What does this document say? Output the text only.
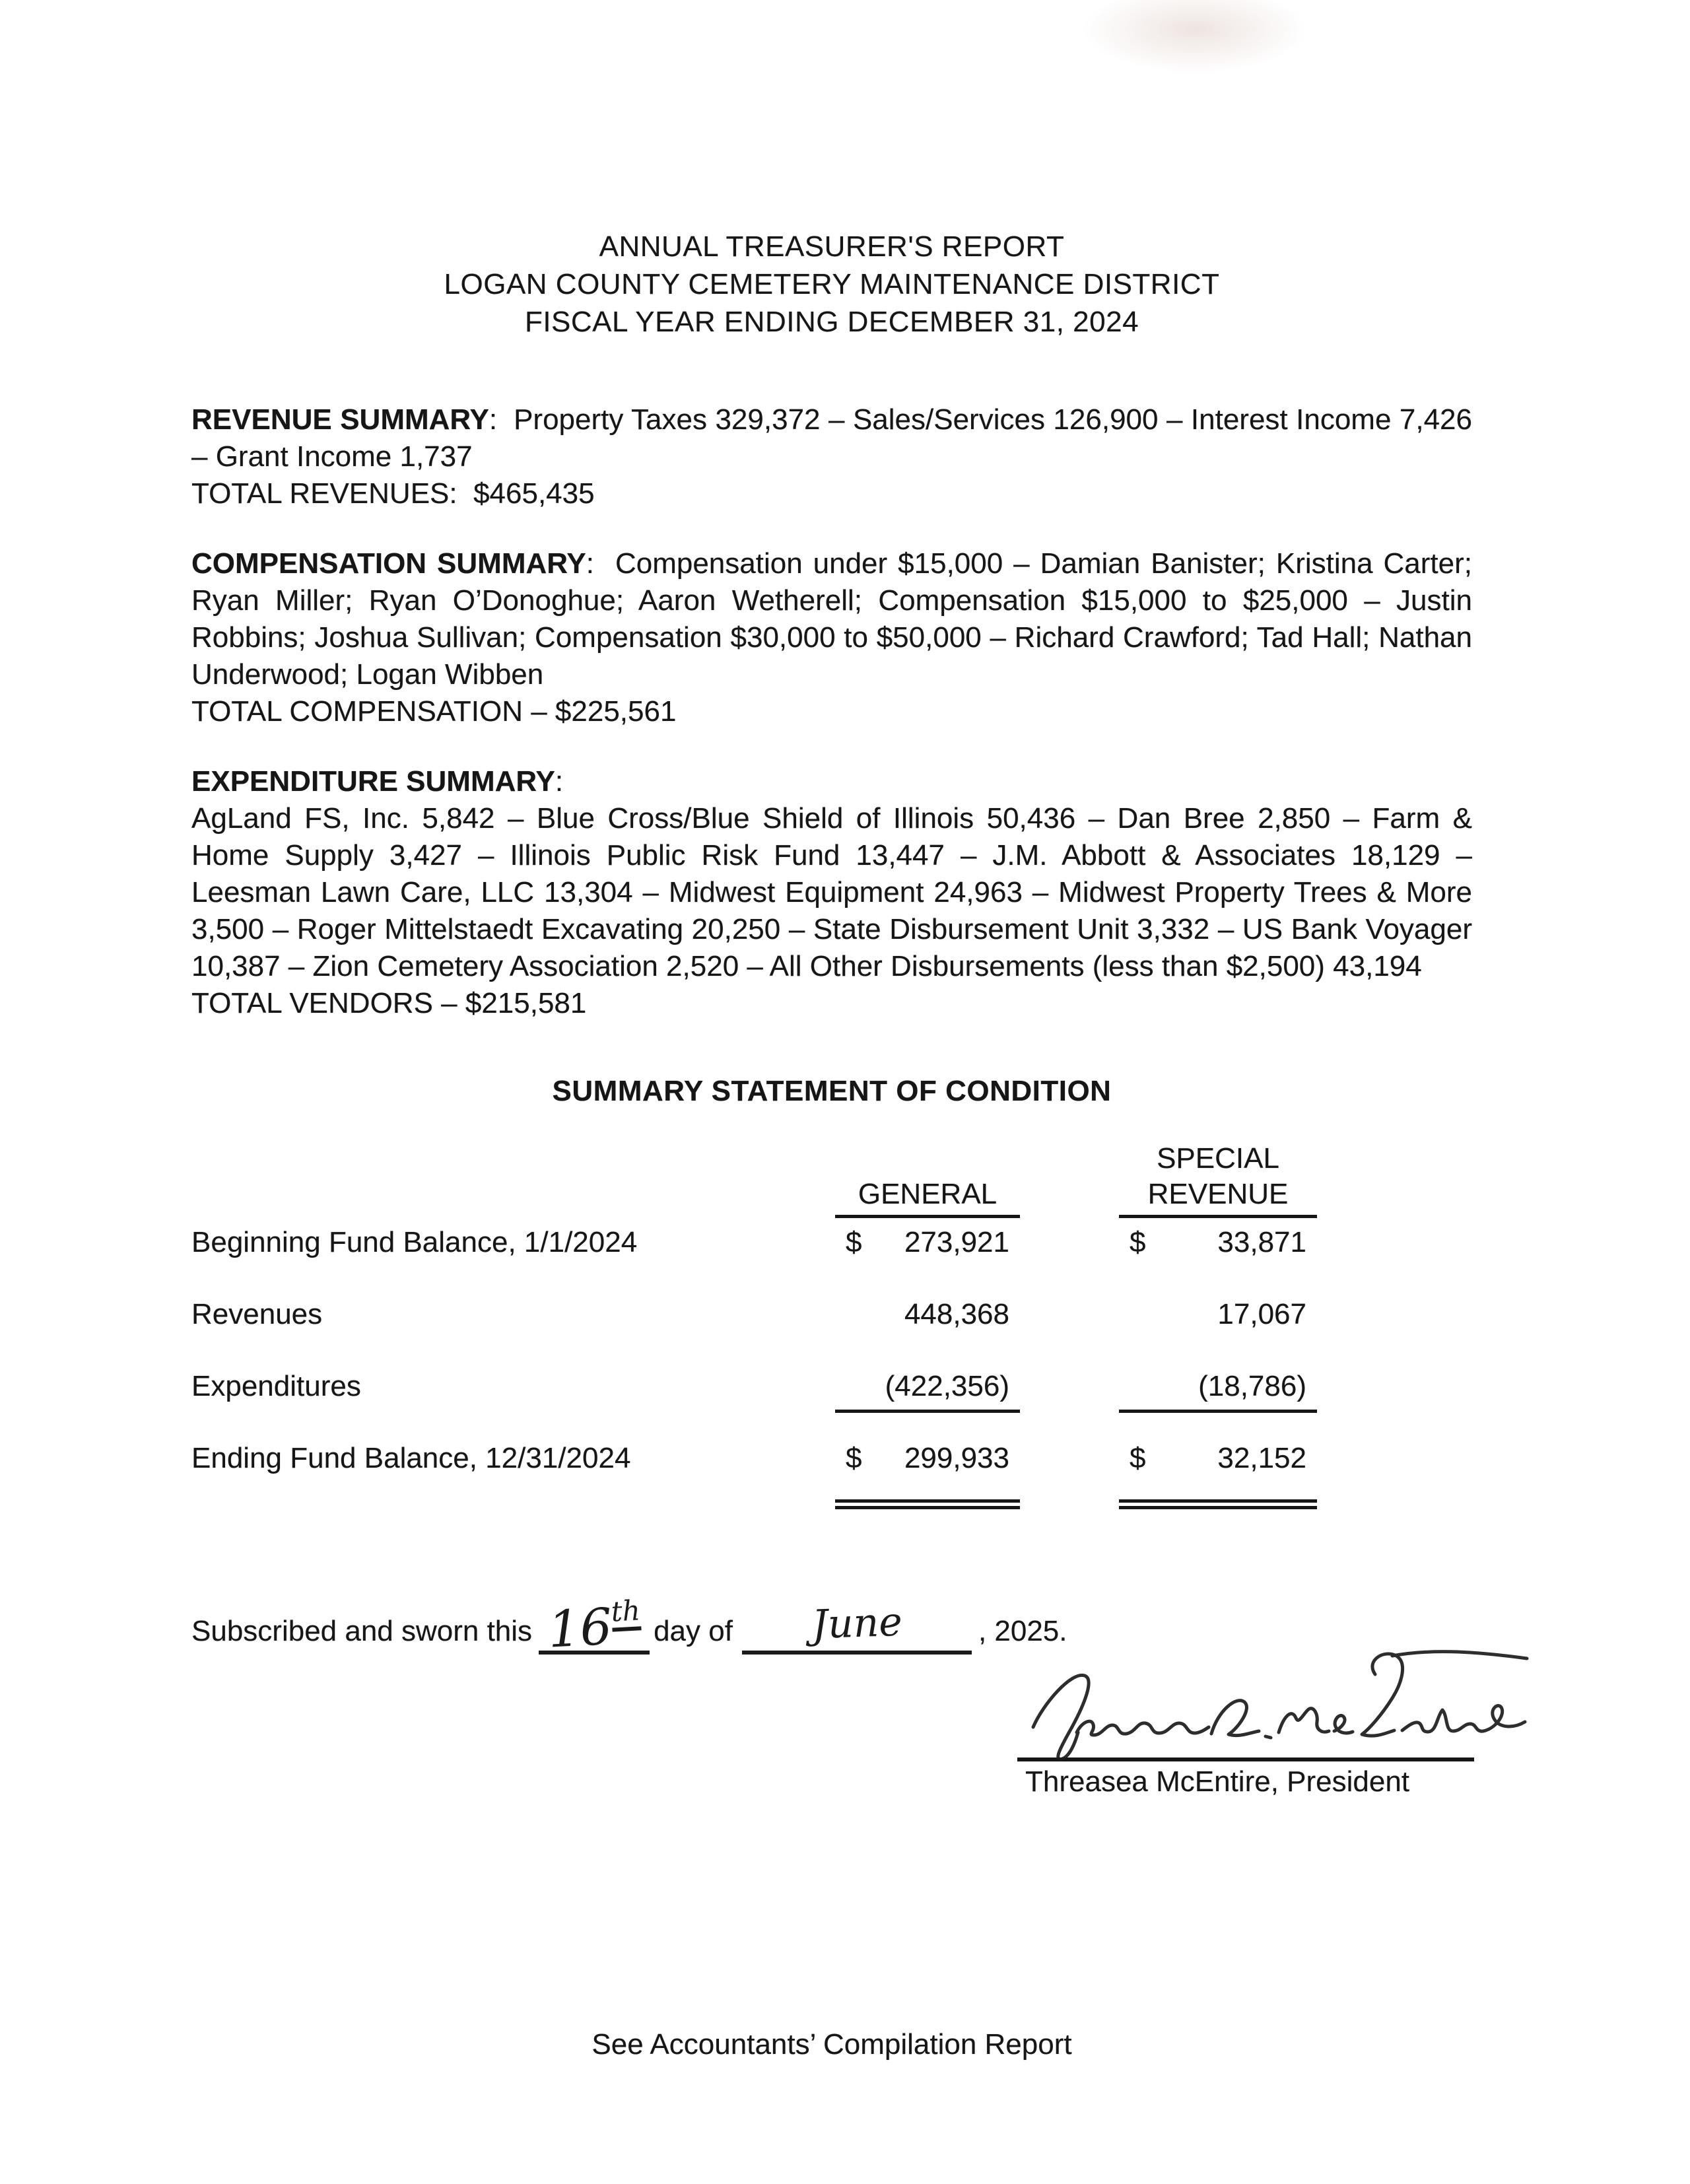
ANNUAL TREASURER'S REPORT
LOGAN COUNTY CEMETERY MAINTENANCE DISTRICT
FISCAL YEAR ENDING DECEMBER 31, 2024

REVENUE SUMMARY:  Property Taxes 329,372 – Sales/Services 126,900 – Interest Income 7,426 – Grant Income 1,737

TOTAL REVENUES:  $465,435

COMPENSATION SUMMARY:  Compensation under $15,000 – Damian Banister; Kristina Carter; Ryan Miller; Ryan O’Donoghue; Aaron Wetherell; Compensation $15,000 to $25,000 – Justin Robbins; Joshua Sullivan; Compensation $30,000 to $50,000 – Richard Crawford; Tad Hall; Nathan Underwood; Logan Wibben

TOTAL COMPENSATION – $225,561

EXPENDITURE SUMMARY:

AgLand FS, Inc. 5,842 – Blue Cross/Blue Shield of Illinois 50,436 – Dan Bree 2,850 – Farm & Home Supply 3,427 – Illinois Public Risk Fund 13,447 – J.M. Abbott & Associates 18,129 – Leesman Lawn Care, LLC 13,304 – Midwest Equipment 24,963 – Midwest Property Trees & More 3,500 – Roger Mittelstaedt Excavating 20,250 – State Disbursement Unit 3,332 – US Bank Voyager 10,387 – Zion Cemetery Association 2,520 – All Other Disbursements (less than $2,500) 43,194

TOTAL VENDORS – $215,581

SUMMARY STATEMENT OF CONDITION
GENERAL
SPECIAL
REVENUE
Beginning Fund Balance, 1/1/2024	$	273,921	$	33,871
Revenues	448,368	17,067
Expenditures	(422,356)	(18,786)
Ending Fund Balance, 12/31/2024	$	299,933	$	32,152
Subscribed and sworn this 16th
day of June	, 2025.
Threasea McEntire, President
See Accountants’ Compilation Report
